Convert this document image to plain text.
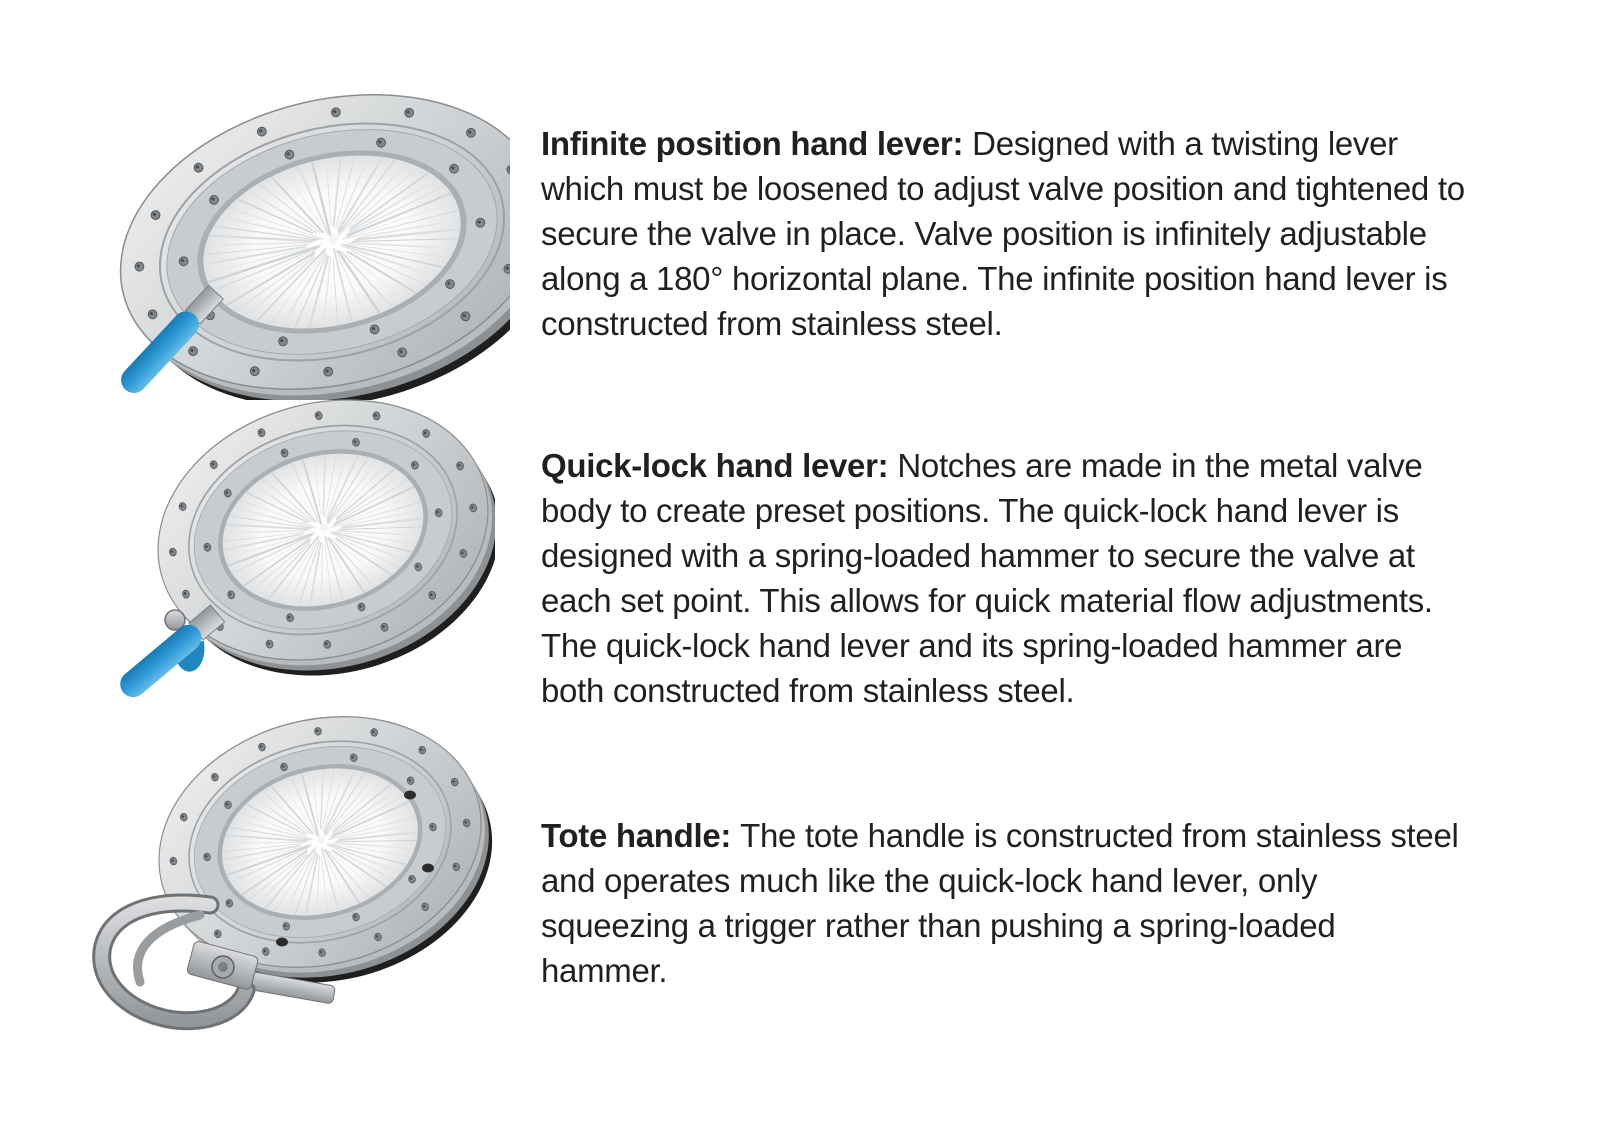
Infinite position hand lever: Designed with a twisting lever which must be loosened to adjust valve position and tightened to secure the valve in place. Valve position is infinitely adjustable along a 180° horizontal plane. The infinite position hand lever is constructed from stainless steel.

Quick-lock hand lever: Notches are made in the metal valve body to create preset positions. The quick-lock hand lever is designed with a spring-loaded hammer to secure the valve at each set point. This allows for quick material flow adjustments. The quick-lock hand lever and its spring-loaded hammer are both constructed from stainless steel.

Tote handle: The tote handle is constructed from stainless steel and operates much like the quick-lock hand lever, only squeezing a trigger rather than pushing a spring-loaded hammer.
